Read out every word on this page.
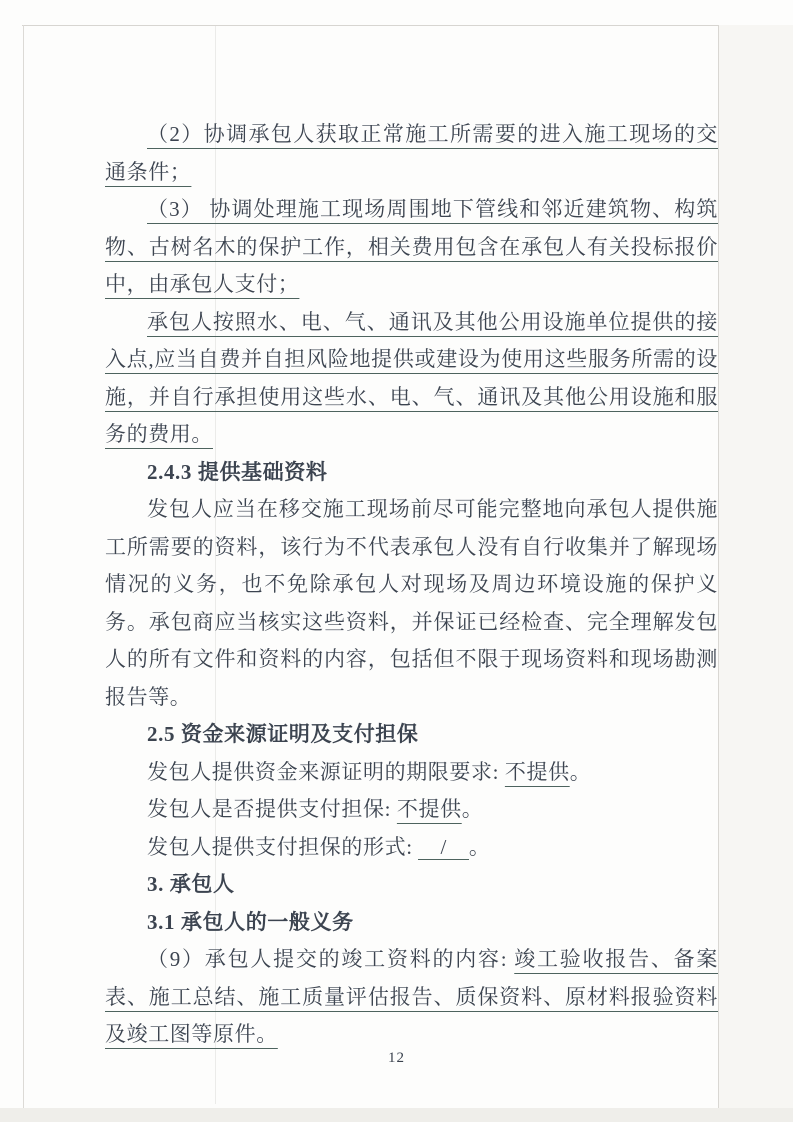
（2）协调承包人获取正常施工所需要的进入施工现场的交通条件；

（3） 协调处理施工现场周围地下管线和邻近建筑物、构筑物、古树名木的保护工作，相关费用包含在承包人有关投标报价中，由承包人支付；

承包人按照水、电、气、通讯及其他公用设施单位提供的接入点,应当自费并自担风险地提供或建设为使用这些服务所需的设施，并自行承担使用这些水、电、气、通讯及其他公用设施和服务的费用。

2.4.3 提供基础资料

发包人应当在移交施工现场前尽可能完整地向承包人提供施工所需要的资料，该行为不代表承包人没有自行收集并了解现场情况的义务，也不免除承包人对现场及周边环境设施的保护义务。承包商应当核实这些资料，并保证已经检查、完全理解发包人的所有文件和资料的内容，包括但不限于现场资料和现场勘测报告等。

2.5 资金来源证明及支付担保

发包人提供资金来源证明的期限要求: 不提供。

发包人是否提供支付担保: 不提供。

发包人提供支付担保的形式: / 。

3. 承包人
3.1 承包人的一般义务

（9）承包人提交的竣工资料的内容: 竣工验收报告、备案表、施工总结、施工质量评估报告、质保资料、原材料报验资料及竣工图等原件。

12
